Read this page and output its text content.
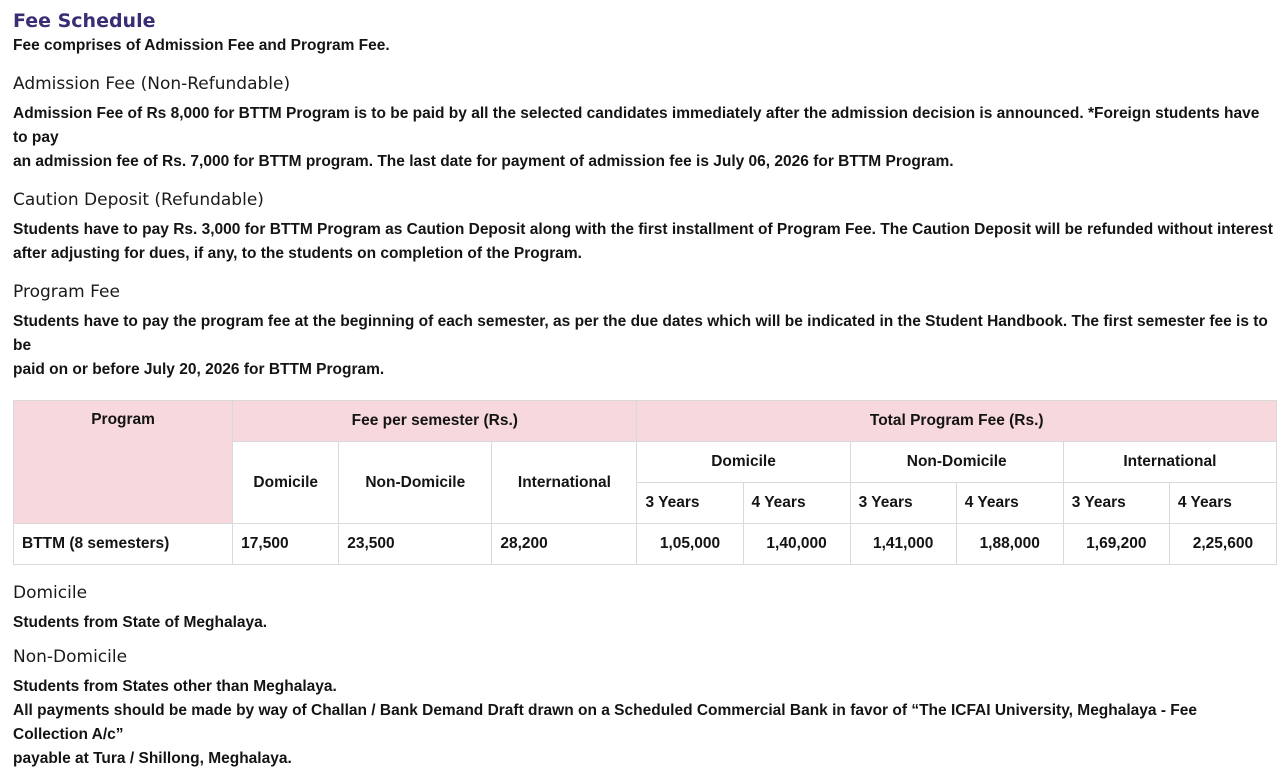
Fee Schedule

Fee comprises of Admission Fee and Program Fee.

Admission Fee (Non-Refundable)

Admission Fee of Rs 8,000 for BTTM Program is to be paid by all the selected candidates immediately after the admission decision is announced. *Foreign students have to pay
an admission fee of Rs. 7,000 for BTTM program. The last date for payment of admission fee is July 06, 2026 for BTTM Program.

Caution Deposit (Refundable)

Students have to pay Rs. 3,000 for BTTM Program as Caution Deposit along with the first installment of Program Fee. The Caution Deposit will be refunded without interest
after adjusting for dues, if any, to the students on completion of the Program.

Program Fee

Students have to pay the program fee at the beginning of each semester, as per the due dates which will be indicated in the Student Handbook. The first semester fee is to be
paid on or before July 20, 2026 for BTTM Program.

Program	Fee per semester (Rs.)			Total Program Fee (Rs.)					
	Domicile	Non-Domicile	International	Domicile		Non-Domicile		International	
				3 Years	4 Years	3 Years	4 Years	3 Years	4 Years
BTTM (8 semesters)	17,500	23,500	28,200	1,05,000	1,40,000	1,41,000	1,88,000	1,69,200	2,25,600
Domicile

Students from State of Meghalaya.

Non-Domicile

Students from States other than Meghalaya.

All payments should be made by way of Challan / Bank Demand Draft drawn on a Scheduled Commercial Bank in favor of “The ICFAI University, Meghalaya - Fee Collection A/c”
payable at Tura / Shillong, Meghalaya.
